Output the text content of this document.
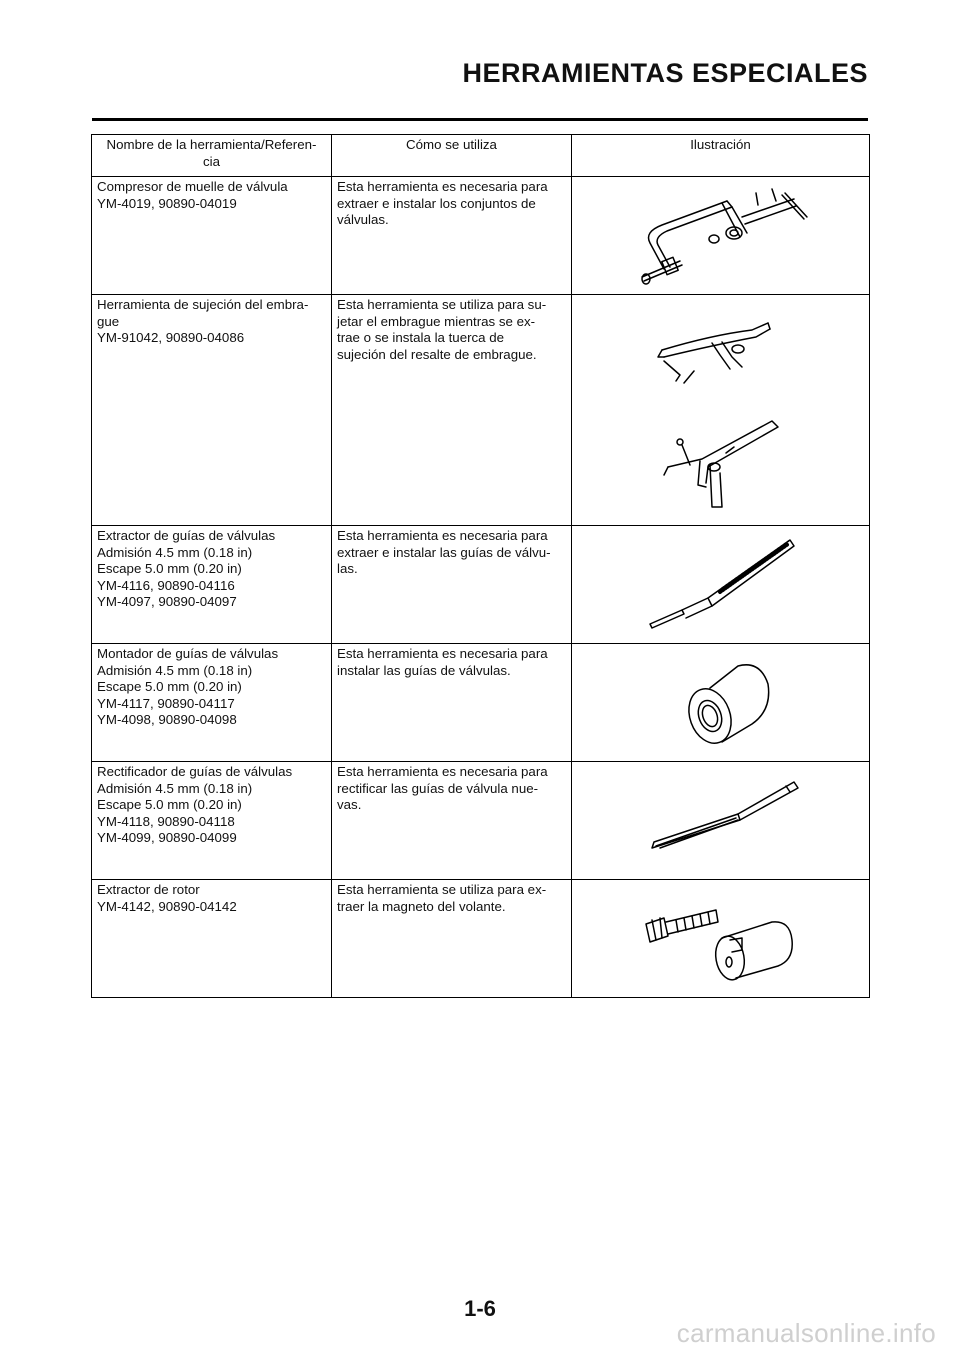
HERRAMIENTAS ESPECIALES
Nombre de la herramienta/Referen-
cia	Cómo se utiliza	Ilustración

Compresor de muelle de válvula
YM-4019, 90890-04019	Esta herramienta es necesaria para
extraer e instalar los conjuntos de
válvulas.

Herramienta de sujeción del embra-
gue
YM-91042, 90890-04086	Esta herramienta se utiliza para su-
jetar el embrague mientras se ex-
trae o se instala la tuerca de
sujeción del resalte de embrague.

Extractor de guías de válvulas
Admisión 4.5 mm (0.18 in)
Escape 5.0 mm (0.20 in)
YM-4116, 90890-04116
YM-4097, 90890-04097	Esta herramienta es necesaria para
extraer e instalar las guías de válvu-
las.

Montador de guías de válvulas
Admisión 4.5 mm (0.18 in)
Escape 5.0 mm (0.20 in)
YM-4117, 90890-04117
YM-4098, 90890-04098	Esta herramienta es necesaria para
instalar las guías de válvulas.

Rectificador de guías de válvulas
Admisión 4.5 mm (0.18 in)
Escape 5.0 mm (0.20 in)
YM-4118, 90890-04118
YM-4099, 90890-04099	Esta herramienta es necesaria para
rectificar las guías de válvula nue-
vas.

Extractor de rotor
YM-4142, 90890-04142	Esta herramienta se utiliza para ex-
traer la magneto del volante.

1-6

carmanualsonline.info
